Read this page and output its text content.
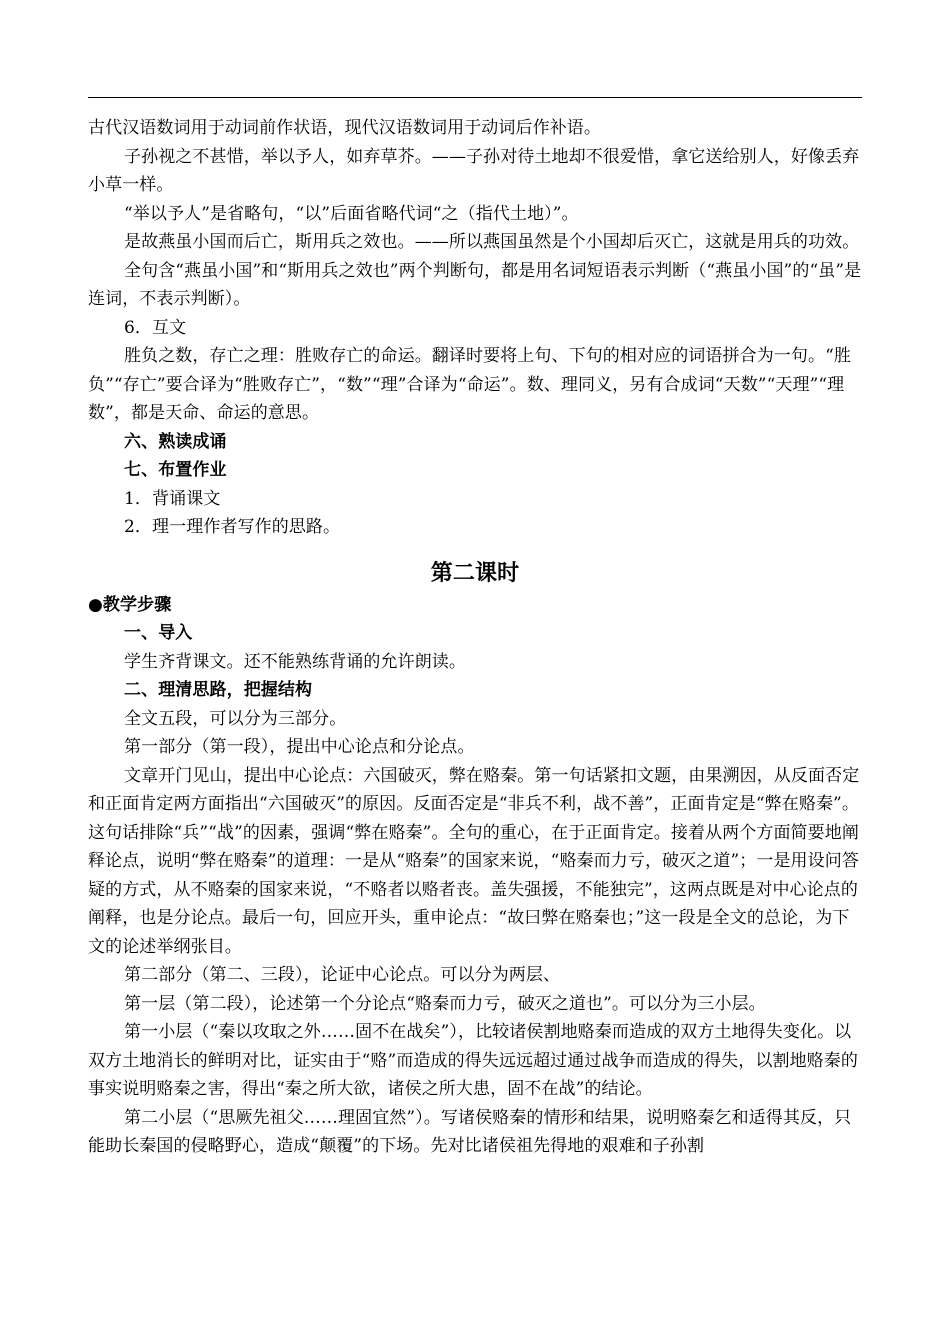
古代汉语数词用于动词前作状语，现代汉语数词用于动词后作补语。

子孙视之不甚惜，举以予人，如弃草芥。——子孙对待土地却不很爱惜，拿它送给别人，好像丢弃小草一样。

“举以予人”是省略句，“以”后面省略代词“之（指代土地）”。

是故燕虽小国而后亡，斯用兵之效也。——所以燕国虽然是个小国却后灭亡，这就是用兵的功效。

全句含“燕虽小国”和“斯用兵之效也”两个判断句，都是用名词短语表示判断（“燕虽小国”的“虽”是连词，不表示判断）。

6．互文

胜负之数，存亡之理：胜败存亡的命运。翻译时要将上句、下句的相对应的词语拼合为一句。“胜负”“存亡”要合译为“胜败存亡”，“数”“理”合译为“命运”。数、理同义，另有合成词“天数”“天理”“理数”，都是天命、命运的意思。

六、熟读成诵

七、布置作业

1．背诵课文

2．理一理作者写作的思路。

第二课时

●教学步骤

一、导入

学生齐背课文。还不能熟练背诵的允许朗读。

二、理清思路，把握结构

全文五段，可以分为三部分。

第一部分（第一段），提出中心论点和分论点。

文章开门见山，提出中心论点：六国破灭，弊在赂秦。第一句话紧扣文题，由果溯因，从反面否定和正面肯定两方面指出“六国破灭”的原因。反面否定是“非兵不利，战不善”，正面肯定是“弊在赂秦”。这句话排除“兵”“战”的因素，强调“弊在赂秦”。全句的重心，在于正面肯定。接着从两个方面简要地阐释论点，说明“弊在赂秦”的道理：一是从“赂秦”的国家来说，“赂秦而力亏，破灭之道”；一是用设问答疑的方式，从不赂秦的国家来说，“不赂者以赂者丧。盖失强援，不能独完”，这两点既是对中心论点的阐释，也是分论点。最后一句，回应开头，重申论点：“故曰弊在赂秦也；”这一段是全文的总论，为下文的论述举纲张目。

第二部分（第二、三段），论证中心论点。可以分为两层、

第一层（第二段），论述第一个分论点“赂秦而力亏，破灭之道也”。可以分为三小层。

第一小层（“秦以攻取之外……固不在战矣”），比较诸侯割地赂秦而造成的双方土地得失变化。以双方土地消长的鲜明对比，证实由于“赂”而造成的得失远远超过通过战争而造成的得失，以割地赂秦的事实说明赂秦之害，得出“秦之所大欲，诸侯之所大患，固不在战”的结论。

第二小层（“思厥先祖父……理固宜然”）。写诸侯赂秦的情形和结果，说明赂秦乞和适得其反，只能助长秦国的侵略野心，造成“颠覆”的下场。先对比诸侯祖先得地的艰难和子孙割
